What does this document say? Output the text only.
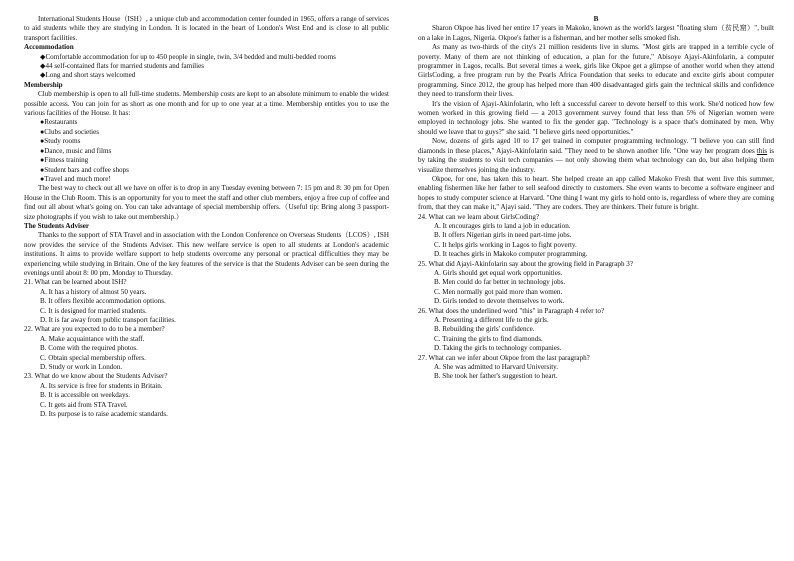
International Students House（ISH）, a unique club and accommodation center founded in 1965, offers a range of services to aid students while they are studying in London. It is located in the heart of London's West End and is close to all public transport facilities.

Accommodation

◆Comfortable accommodation for up to 450 people in single, twin, 3/4 bedded and multi-bedded rooms

◆44 self-contained flats for married students and families

◆Long and short stays welcomed

Membership

Club membership is open to all full-time students. Membership costs are kept to an absolute minimum to enable the widest possible access. You can join for as short as one month and for up to one year at a time. Membership entitles you to use the various facilities of the House. It has:

●Restaurants

●Clubs and societies

●Study rooms

●Dance, music and films

●Fitness training

●Student bars and coffee shops

●Travel and much more!

The best way to check out all we have on offer is to drop in any Tuesday evening between 7: 15 pm and 8: 30 pm for Open House in the Club Room. This is an opportunity for you to meet the staff and other club members, enjoy a free cup of coffee and find out all about what's going on. You can take advantage of special membership offers.（Useful tip: Bring along 3 passport-size photographs if you wish to take out membership.）

The Students Adviser

Thanks to the support of STA Travel and in association with the London Conference on Overseas Students（LCOS）, ISH now provides the service of the Students Adviser. This new welfare service is open to all students at London's academic institutions. It aims to provide welfare support to help students overcome any personal or practical difficulties they may be experiencing while studying in Britain. One of the key features of the service is that the Students Adviser can be seen during the evenings until about 8: 00 pm, Monday to Thursday.

21. What can be learned about ISH?

A. It has a history of almost 50 years.

B. It offers flexible accommodation options.

C. It is designed for married students.

D. It is far away from public transport facilities.

22. What are you expected to do to be a member?

A. Make acquaintance with the staff.

B. Come with the required photos.

C. Obtain special membership offers.

D. Study or work in London.

23. What do we know about the Students Adviser?

A. Its service is free for students in Britain.

B. It is accessible on weekdays.

C. It gets aid from STA Travel.

D. Its purpose is to raise academic standards.

B

Sharon Okpoe has lived her entire 17 years in Makoko, known as the world's largest "floating slum（贫民窟）", built on a lake in Lagos, Nigeria. Okpoe's father is a fisherman, and her mother sells smoked fish.

As many as two-thirds of the city's 21 million residents live in slums. "Most girls are trapped in a terrible cycle of poverty. Many of them are not thinking of education, a plan for the future," Abisoye Ajayi-Akinfolarin, a computer programmer in Lagos, recalls. But several times a week, girls like Okpoe get a glimpse of another world when they attend GirlsCoding, a free program run by the Pearls Africa Foundation that seeks to educate and excite girls about computer programming. Since 2012, the group has helped more than 400 disadvantaged girls gain the technical skills and confidence they need to transform their lives.

It's the vision of Ajayi-Akinfolarin, who left a successful career to devote herself to this work. She'd noticed how few women worked in this growing field — a 2013 government survey found that less than 5% of Nigerian women were employed in technology jobs. She wanted to fix the gender gap. "Technology is a space that's dominated by men. Why should we leave that to guys?" she said. "I believe girls need opportunities."

Now, dozens of girls aged 10 to 17 get trained in computer programming technology. "I believe you can still find diamonds in these places," Ajayi-Akinfolarin said. "They need to be shown another life. "One way her program does this is by taking the students to visit tech companies — not only showing them what technology can do, but also helping them visualize themselves joining the industry.

Okpoe, for one, has taken this to heart. She helped create an app called Makoko Fresh that went live this summer, enabling fishermen like her father to sell seafood directly to customers. She even wants to become a software engineer and hopes to study computer science at Harvard. "One thing I want my girls to hold onto is, regardless of where they are coming from, that they can make it," Ajayi said. "They are coders. They are thinkers. Their future is bright.

24. What can we learn about GirlsCoding?

A. It encourages girls to land a job in education.

B. It offers Nigerian girls in need part-time jobs.

C. It helps girls working in Lagos to fight poverty.

D. It teaches girls in Makoko computer programming.

25. What did Ajayi-Akinfolarin say about the growing field in Paragraph 3?

A. Girls should get equal work opportunities.

B. Men could do far better in technology jobs.

C. Men normally got paid more than women.

D. Girls tended to devote themselves to work.

26. What does the underlined word "this" in Paragraph 4 refer to?

A. Presenting a different life to the girls.

B. Rebuilding the girls' confidence.

C. Training the girls to find diamonds.

D. Taking the girls to technology companies.

27. What can we infer about Okpoe from the last paragraph?

A. She was admitted to Harvard University.

B. She took her father's suggestion to heart.
